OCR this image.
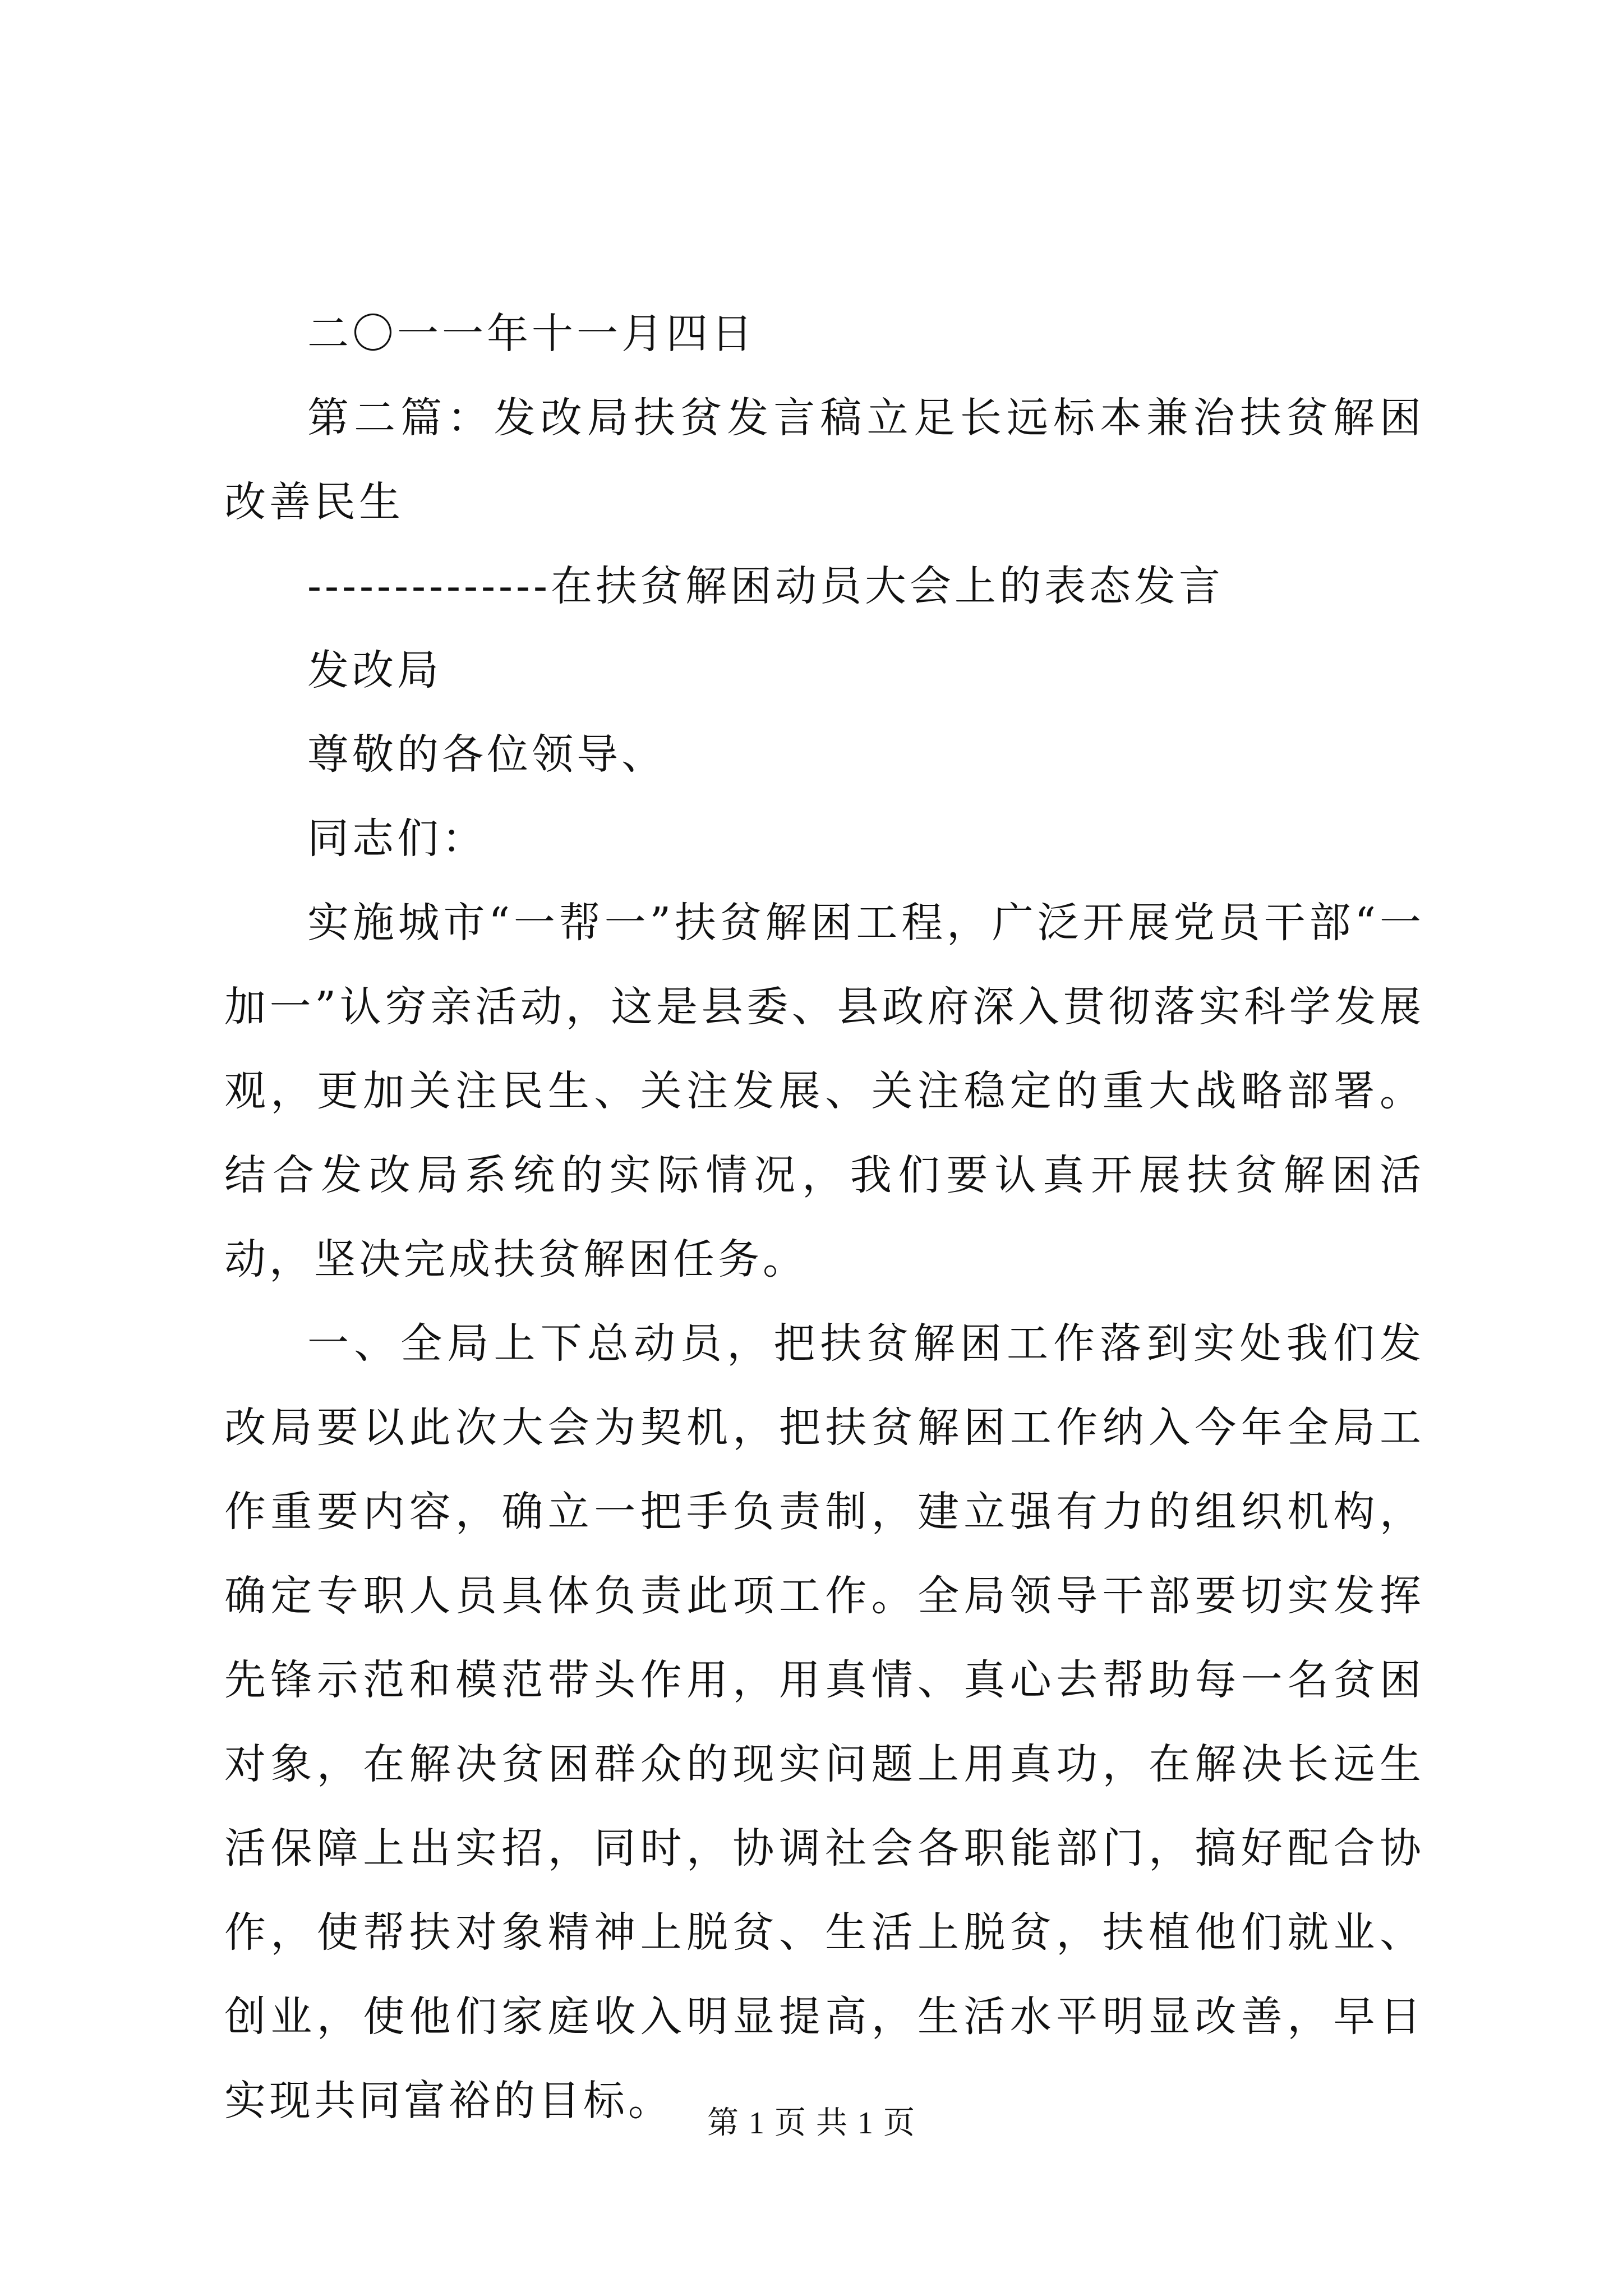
二〇一一年十一月四日

第二篇：发改局扶贫发言稿立足长远标本兼治扶贫解困改善民生

--------------在扶贫解困动员大会上的表态发言

发改局

尊敬的各位领导、

同志们：

实施城市“一帮一”扶贫解困工程，广泛开展党员干部“一加一”认穷亲活动，这是县委、县政府深入贯彻落实科学发展观，更加关注民生、关注发展、关注稳定的重大战略部署。结合发改局系统的实际情况，我们要认真开展扶贫解困活动，坚决完成扶贫解困任务。

一、全局上下总动员，把扶贫解困工作落到实处我们发改局要以此次大会为契机，把扶贫解困工作纳入今年全局工作重要内容，确立一把手负责制，建立强有力的组织机构，确定专职人员具体负责此项工作。全局领导干部要切实发挥先锋示范和模范带头作用，用真情、真心去帮助每一名贫困对象，在解决贫困群众的现实问题上用真功，在解决长远生活保障上出实招，同时，协调社会各职能部门，搞好配合协作，使帮扶对象精神上脱贫、生活上脱贫，扶植他们就业、创业，使他们家庭收入明显提高，生活水平明显改善，早日实现共同富裕的目标。	第 1 页 共 1 页
